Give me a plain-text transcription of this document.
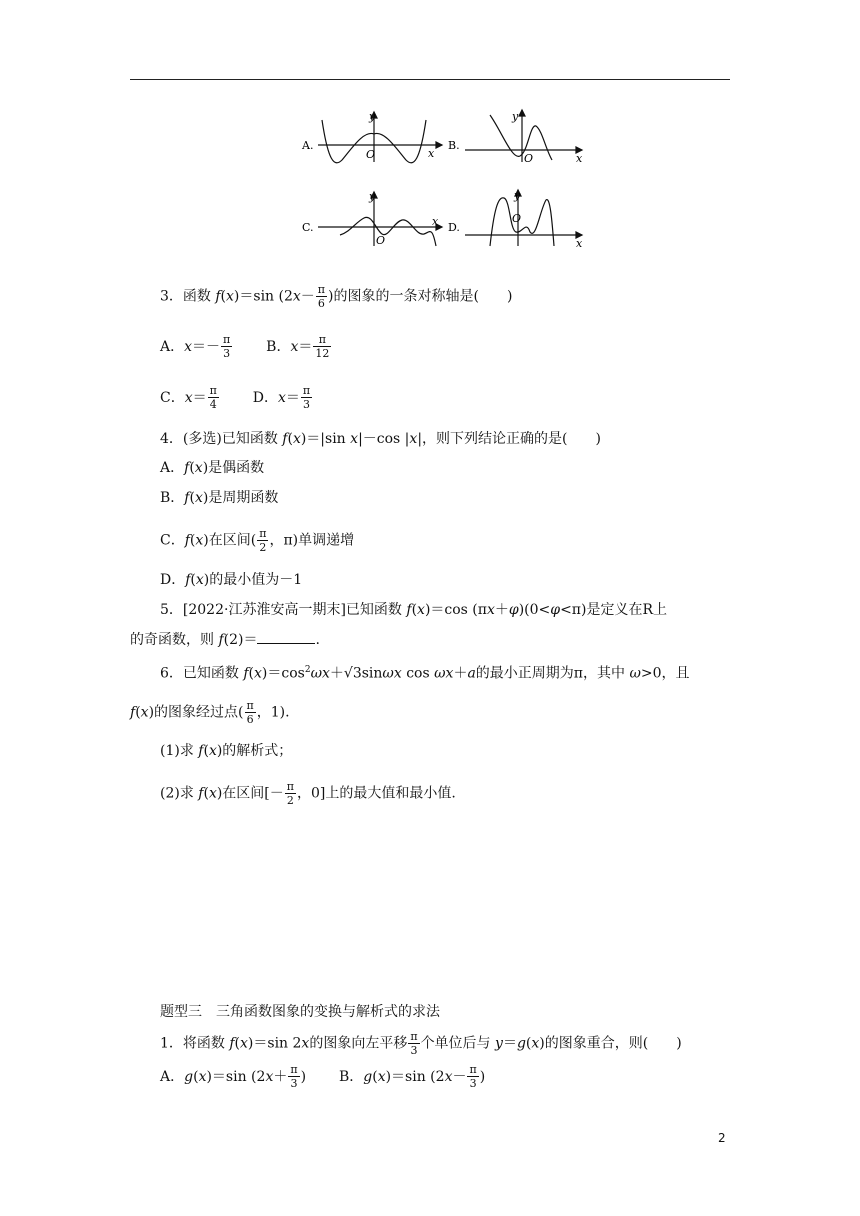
A.
y
x
O
B.
y
x
O
C.
y
x
O
D.
y
x
O
3．函数 f(x)＝sin ($2x- \frac{\pi}{6}$ )的图象的一条对称轴是(　　)
A．$x=- \frac{\pi}{3}$ B．$x= \frac{\pi}{12}$
C．$x= \frac{\pi}{4}$ D．$x= \frac{\pi}{3}$
4．(多选)已知函数 f(x)＝|sin x|－cos |x|，则下列结论正确的是(　　)
A．f(x)是偶函数
B．f(x)是周期函数
C．f(x)在区间( $\frac{\pi}{2}$ ，π)单调递增
D．f(x)的最小值为－1
5．[2022·江苏淮安高一期末]已知函数 f(x)＝cos (πx＋φ)(0<φ<π)是定义在R上
的奇函数，则 f(2)＝	.
6．已知函数 $f(x)=\cos^2\omega x+√3\sin\omega x$ cos ωx＋a的最小正周期为π，其中 ω>0，且
f(x)的图象经过点( $\frac{\pi}{6}$ ，1).
(1)求 f(x)的解析式；
(2)求 f(x)在区间[－ $\frac{\pi}{2}$ ，0]上的最大值和最小值.
题型三　三角函数图象的变换与解析式的求法
1．将函数 f(x)＝sin 2x的图象向左平移 $\frac{\pi}{3}$ 个单位后与 y＝g(x)的图象重合，则(　　)
A．g(x)＝sin ($2x+ \frac{\pi}{3}$ ) B．g(x)＝sin ($2x- \frac{\pi}{3}$ )
2
